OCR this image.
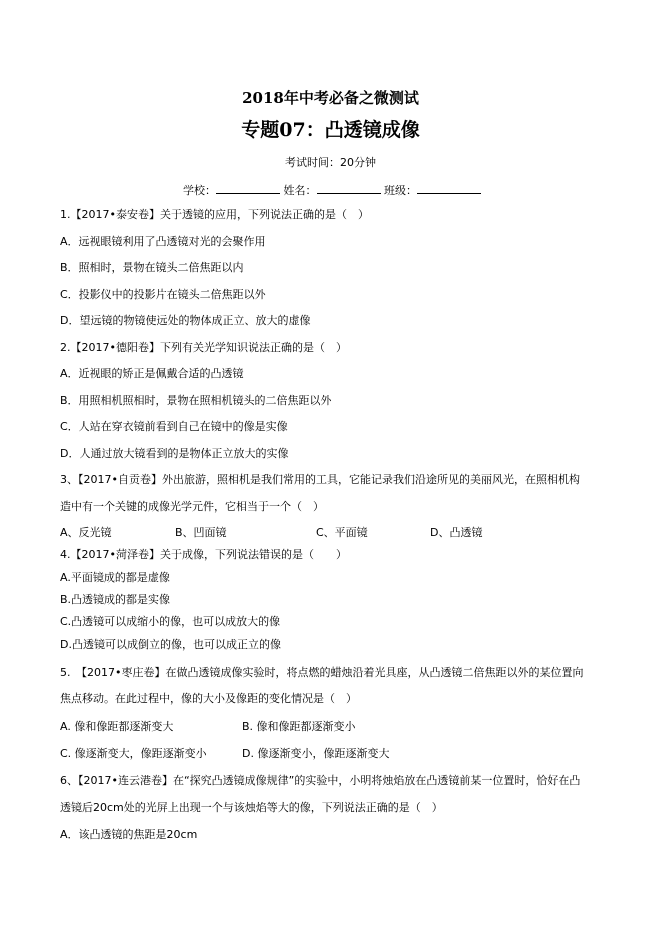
2018年中考必备之微测试
专题07：凸透镜成像
考试时间：20分钟
学校：	姓名：	班级：
1.【2017•泰安卷】关于透镜的应用，下列说法正确的是（　）
A．远视眼镜利用了凸透镜对光的会聚作用
B．照相时，景物在镜头二倍焦距以内
C．投影仪中的投影片在镜头二倍焦距以外
D．望远镜的物镜使远处的物体成正立、放大的虚像
2.【2017•德阳卷】下列有关光学知识说法正确的是（　）
A．近视眼的矫正是佩戴合适的凸透镜
B．用照相机照相时，景物在照相机镜头的二倍焦距以外
C．人站在穿衣镜前看到自己在镜中的像是实像
D．人通过放大镜看到的是物体正立放大的实像
3、【2017•自贡卷】外出旅游，照相机是我们常用的工具，它能记录我们沿途所见的美丽风光，在照相机构
造中有一个关键的成像光学元件，它相当于一个（　）
A、反光镜	B、凹面镜	C、平面镜	D、凸透镜
4.【2017•菏泽卷】关于成像，下列说法错误的是（　　）
A.平面镜成的都是虚像
B.凸透镜成的都是实像
C.凸透镜可以成缩小的像，也可以成放大的像
D.凸透镜可以成倒立的像，也可以成正立的像
5.　【2017•枣庄卷】在做凸透镜成像实验时，将点燃的蜡烛沿着光具座，从凸透镜二倍焦距以外的某位置向
焦点移动。在此过程中，像的大小及像距的变化情况是（　）
A. 像和像距都逐渐变大	B. 像和像距都逐渐变小
C. 像逐渐变大，像距逐渐变小	D. 像逐渐变小，像距逐渐变大
6、【2017•连云港卷】在“探究凸透镜成像规律”的实验中，小明将烛焰放在凸透镜前某一位置时，恰好在凸
透镜后20cm处的光屏上出现一个与该烛焰等大的像，下列说法正确的是（　）
A．该凸透镜的焦距是20cm
